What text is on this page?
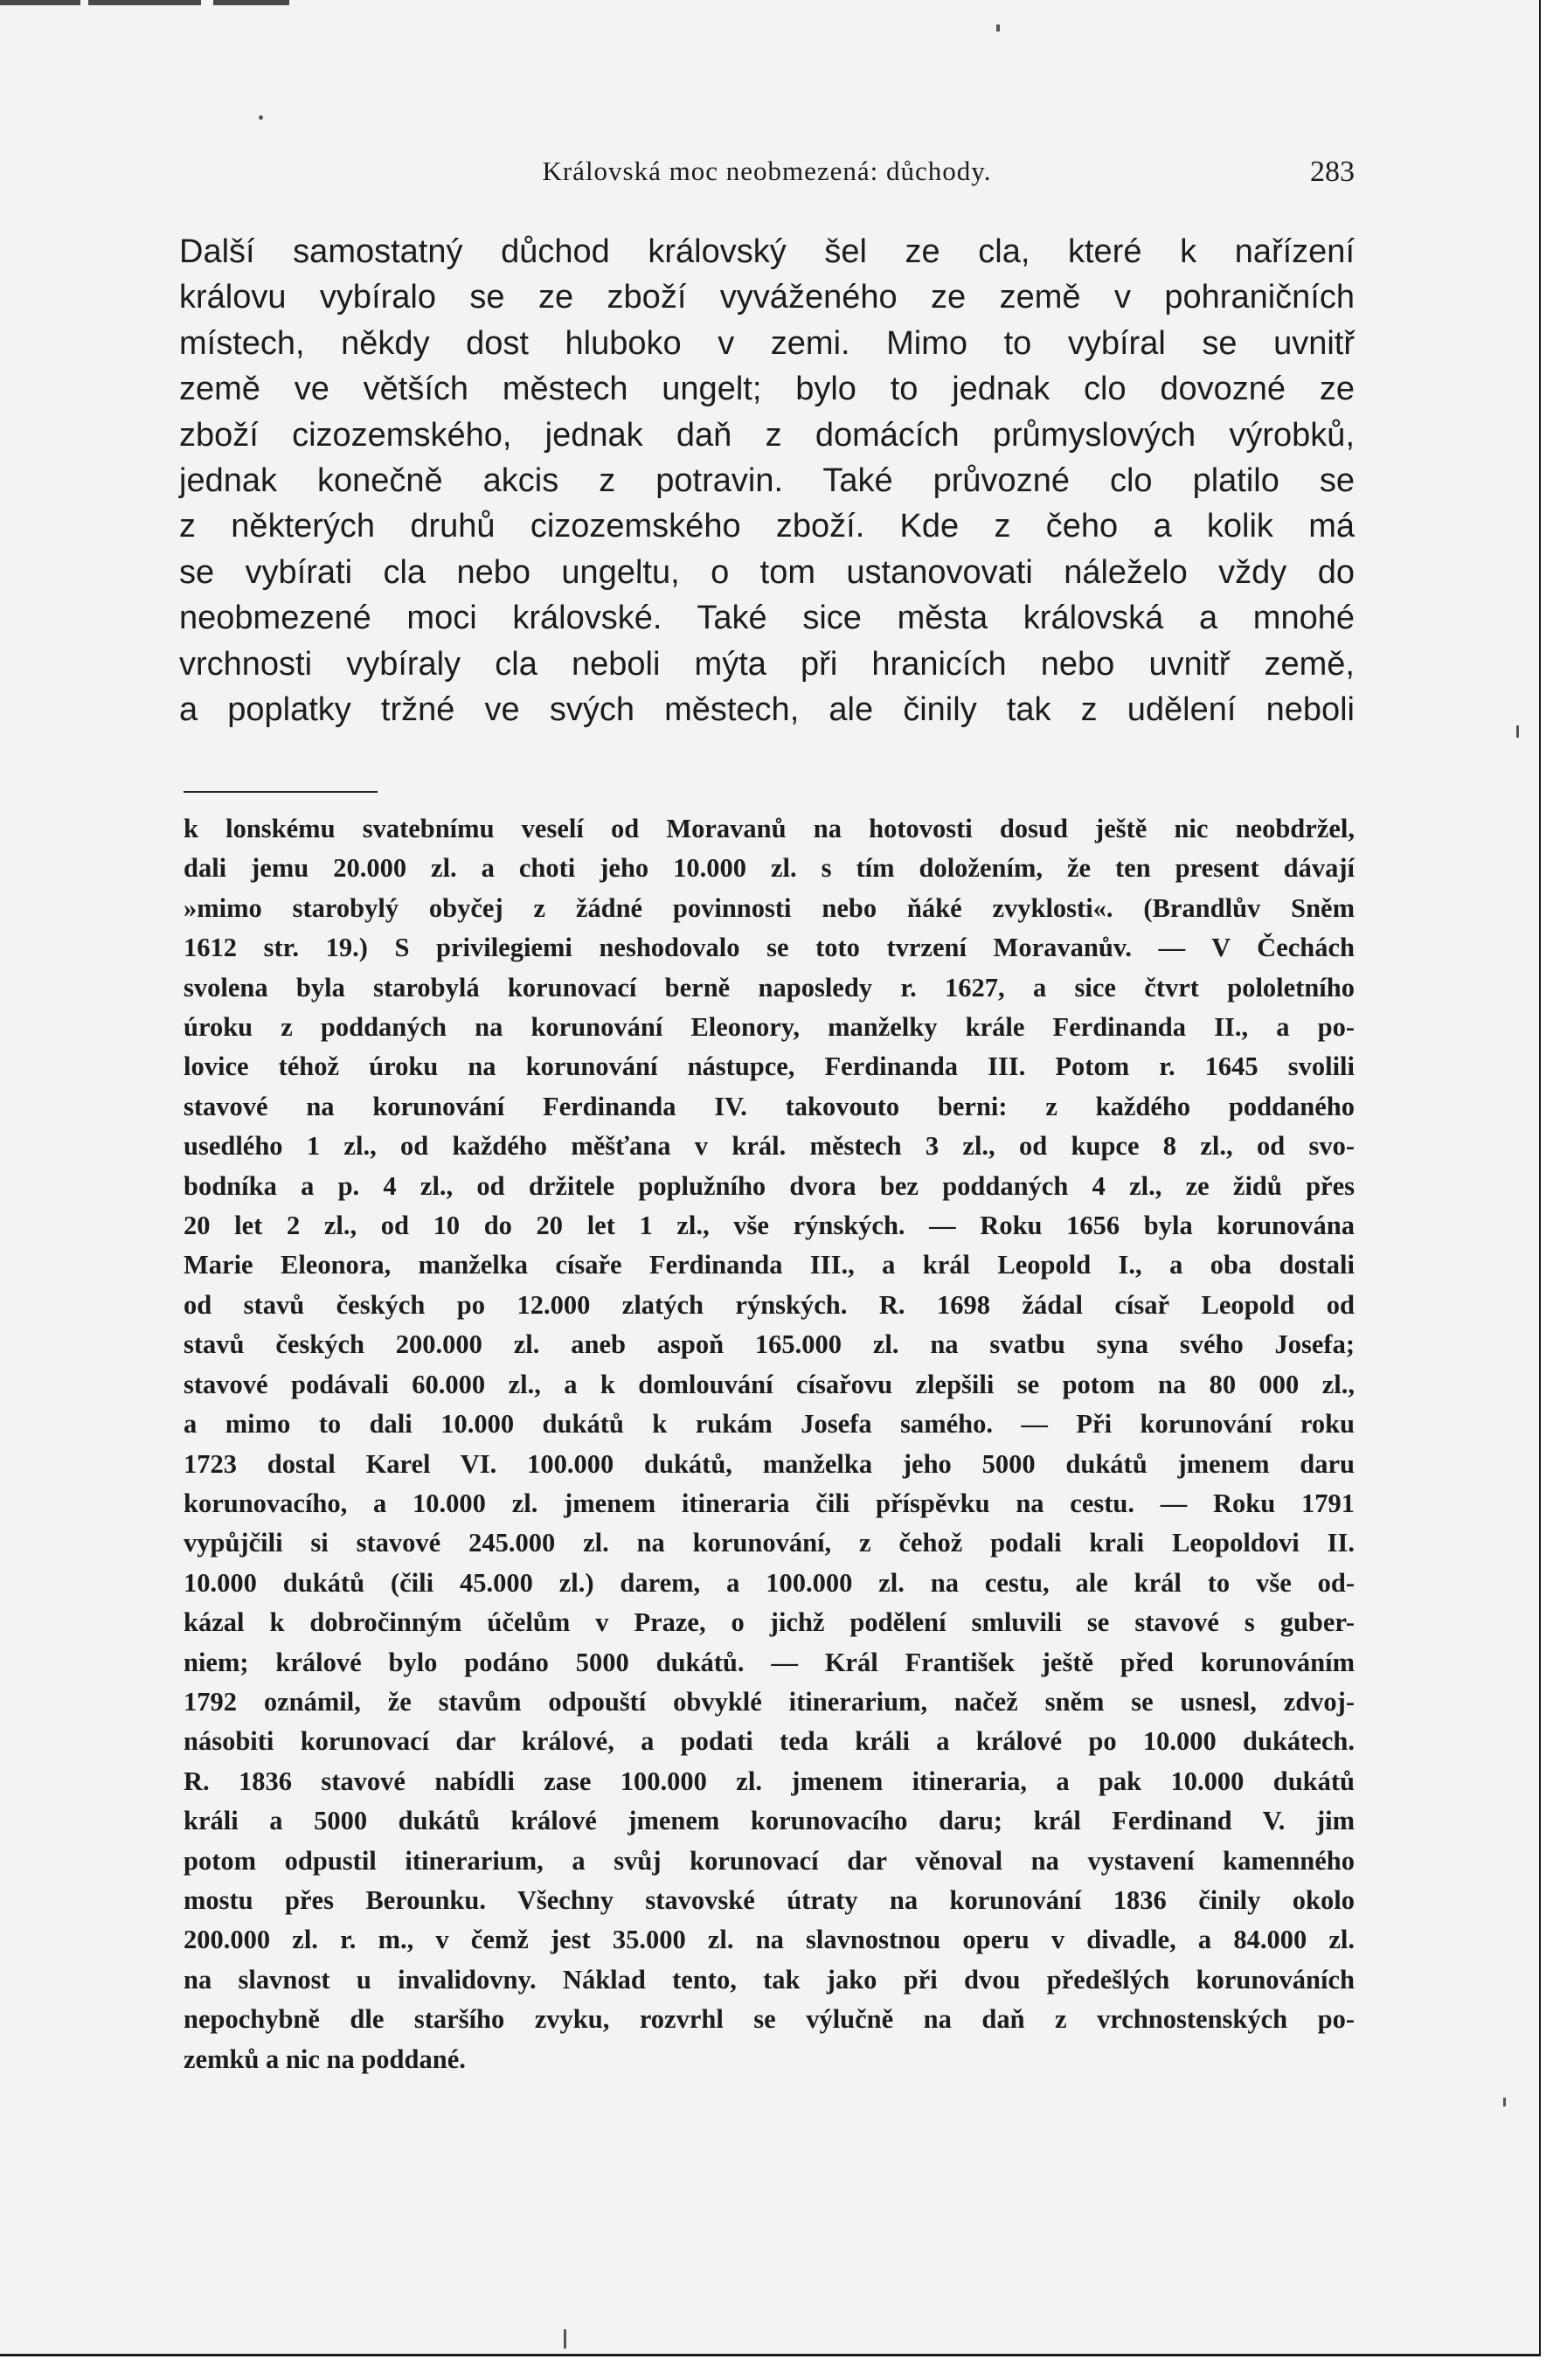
Královská moc neobmezená: důchody.	283
Další samostatný důchod královský šel ze cla, které k nařízení
královu vybíralo se ze zboží vyváženého ze země v pohraničních
místech, někdy dost hluboko v zemi. Mimo to vybíral se uvnitř
země ve větších městech ungelt; bylo to jednak clo dovozné ze
zboží cizozemského, jednak daň z domácích průmyslových výrobků,
jednak konečně akcis z potravin. Také průvozné clo platilo se
z některých druhů cizozemského zboží. Kde z čeho a kolik má
se vybírati cla nebo ungeltu, o tom ustanovovati náleželo vždy do
neobmezené moci královské. Také sice města královská a mnohé
vrchnosti vybíraly cla neboli mýta při hranicích nebo uvnitř země,
a poplatky tržné ve svých městech, ale činily tak z udělení neboli
k lonskému svatebnímu veselí od Moravanů na hotovosti dosud ještě nic neobdržel,
dali jemu 20.000 zl. a choti jeho 10.000 zl. s tím doložením, že ten present dávají
»mimo starobylý obyčej z žádné povinnosti nebo ňáké zvyklosti«. (Brandlův Sněm
1612 str. 19.) S privilegiemi neshodovalo se toto tvrzení Moravanův. — V Čechách
svolena byla starobylá korunovací berně naposledy r. 1627, a sice čtvrt pololetního
úroku z poddaných na korunování Eleonory, manželky krále Ferdinanda II., a po-
lovice téhož úroku na korunování nástupce, Ferdinanda III. Potom r. 1645 svolili
stavové na korunování Ferdinanda IV. takovouto berni: z každého poddaného
usedlého 1 zl., od každého měšťana v král. městech 3 zl., od kupce 8 zl., od svo-
bodníka a p. 4 zl., od držitele poplužního dvora bez poddaných 4 zl., ze židů přes
20 let 2 zl., od 10 do 20 let 1 zl., vše rýnských. — Roku 1656 byla korunována
Marie Eleonora, manželka císaře Ferdinanda III., a král Leopold I., a oba dostali
od stavů českých po 12.000 zlatých rýnských. R. 1698 žádal císař Leopold od
stavů českých 200.000 zl. aneb aspoň 165.000 zl. na svatbu syna svého Josefa;
stavové podávali 60.000 zl., a k domlouvání císařovu zlepšili se potom na 80 000 zl.,
a mimo to dali 10.000 dukátů k rukám Josefa samého. — Při korunování roku
1723 dostal Karel VI. 100.000 dukátů, manželka jeho 5000 dukátů jmenem daru
korunovacího, a 10.000 zl. jmenem itineraria čili příspěvku na cestu. — Roku 1791
vypůjčili si stavové 245.000 zl. na korunování, z čehož podali krali Leopoldovi II.
10.000 dukátů (čili 45.000 zl.) darem, a 100.000 zl. na cestu, ale král to vše od-
kázal k dobročinným účelům v Praze, o jichž podělení smluvili se stavové s guber-
niem; králové bylo podáno 5000 dukátů. — Král František ještě před korunováním
1792 oznámil, že stavům odpouští obvyklé itinerarium, načež sněm se usnesl, zdvoj-
násobiti korunovací dar králové, a podati teda králi a králové po 10.000 dukátech.
R. 1836 stavové nabídli zase 100.000 zl. jmenem itineraria, a pak 10.000 dukátů
králi a 5000 dukátů králové jmenem korunovacího daru; král Ferdinand V. jim
potom odpustil itinerarium, a svůj korunovací dar věnoval na vystavení kamenného
mostu přes Berounku. Všechny stavovské útraty na korunování 1836 činily okolo
200.000 zl. r. m., v čemž jest 35.000 zl. na slavnostnou operu v divadle, a 84.000 zl.
na slavnost u invalidovny. Náklad tento, tak jako při dvou předešlých korunováních
nepochybně dle staršího zvyku, rozvrhl se výlučně na daň z vrchnostenských po-
zemků a nic na poddané.
